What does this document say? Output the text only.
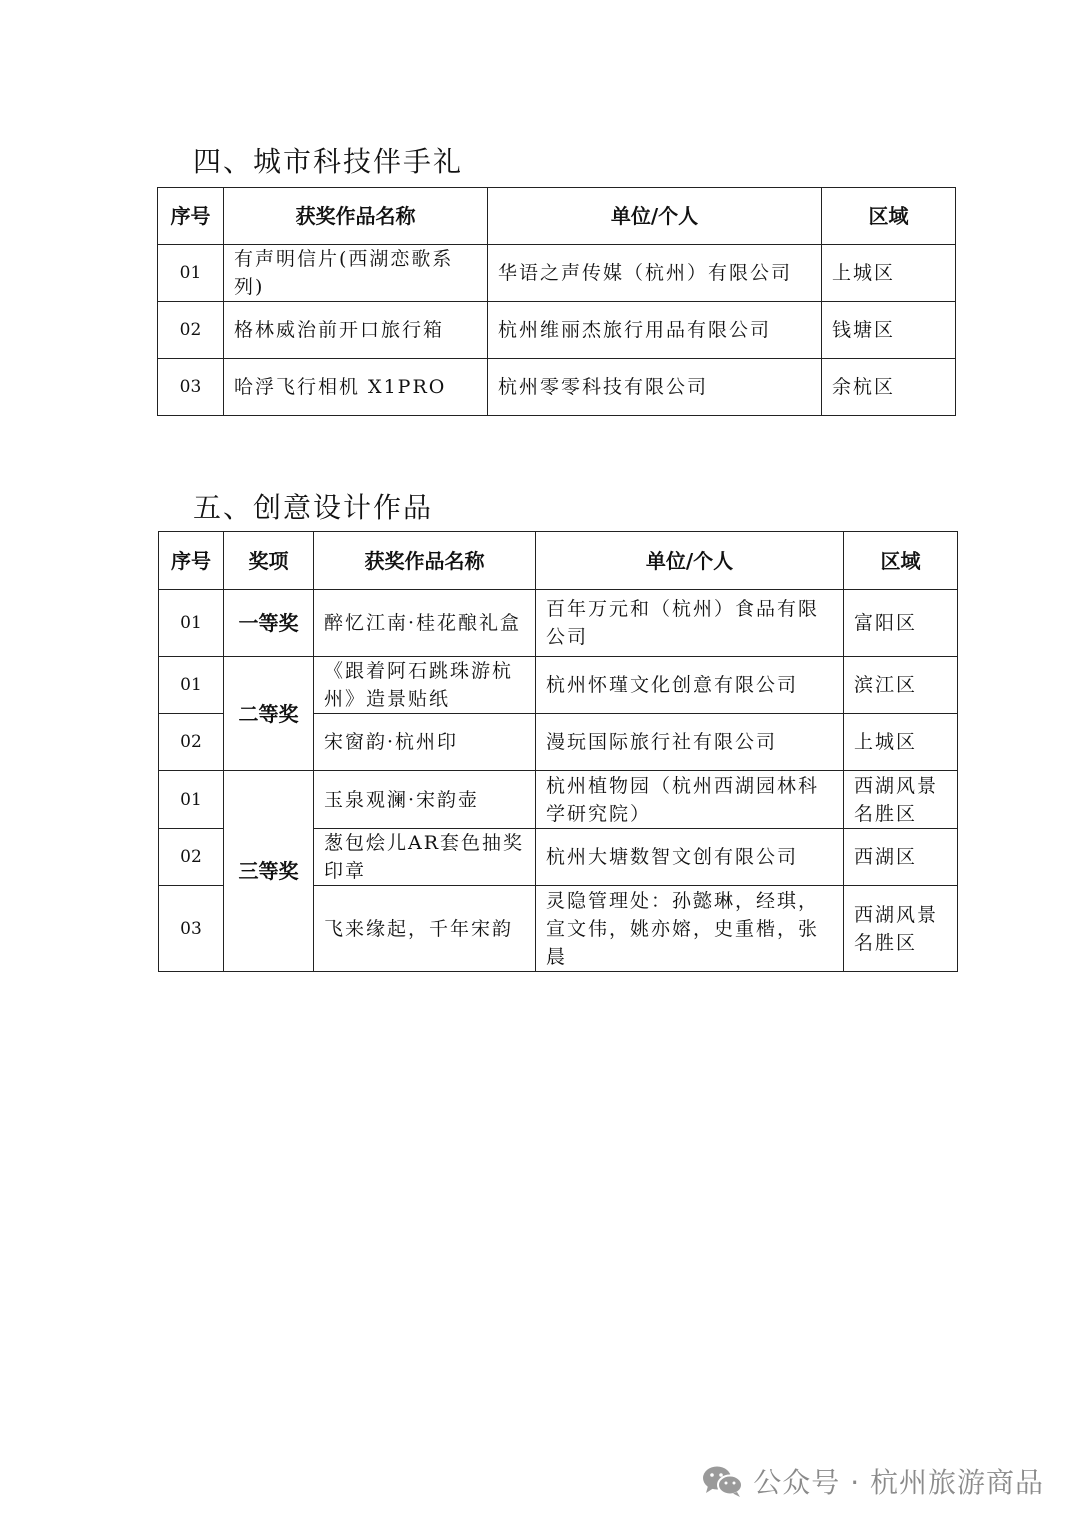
四、城市科技伴手礼
序号	获奖作品名称	单位/个人	区域
01	有声明信片(西湖恋歌系列)	华语之声传媒（杭州）有限公司	上城区
02	格林威治前开口旅行箱	杭州维丽杰旅行用品有限公司	钱塘区
03	哈浮飞行相机 X1PRO	杭州零零科技有限公司	余杭区
五、创意设计作品
序号	奖项	获奖作品名称	单位/个人	区域
01	一等奖	醉忆江南·桂花酿礼盒	百年万元和（杭州）食品有限公司	富阳区
01	二等奖	《跟着阿石跳珠游杭州》造景贴纸	杭州怀瑾文化创意有限公司	滨江区
02		宋窗韵·杭州印	漫玩国际旅行社有限公司	上城区
01	三等奖	玉泉观澜·宋韵壶	杭州植物园（杭州西湖园林科学研究院）	西湖风景名胜区
02		葱包烩儿AR套色抽奖印章	杭州大塘数智文创有限公司	西湖区
03		飞来缘起，千年宋韵	灵隐管理处：孙懿琳，经琪，宣文伟，姚亦嫆，史重楷，张晨	西湖风景名胜区
公众号 · 杭州旅游商品
